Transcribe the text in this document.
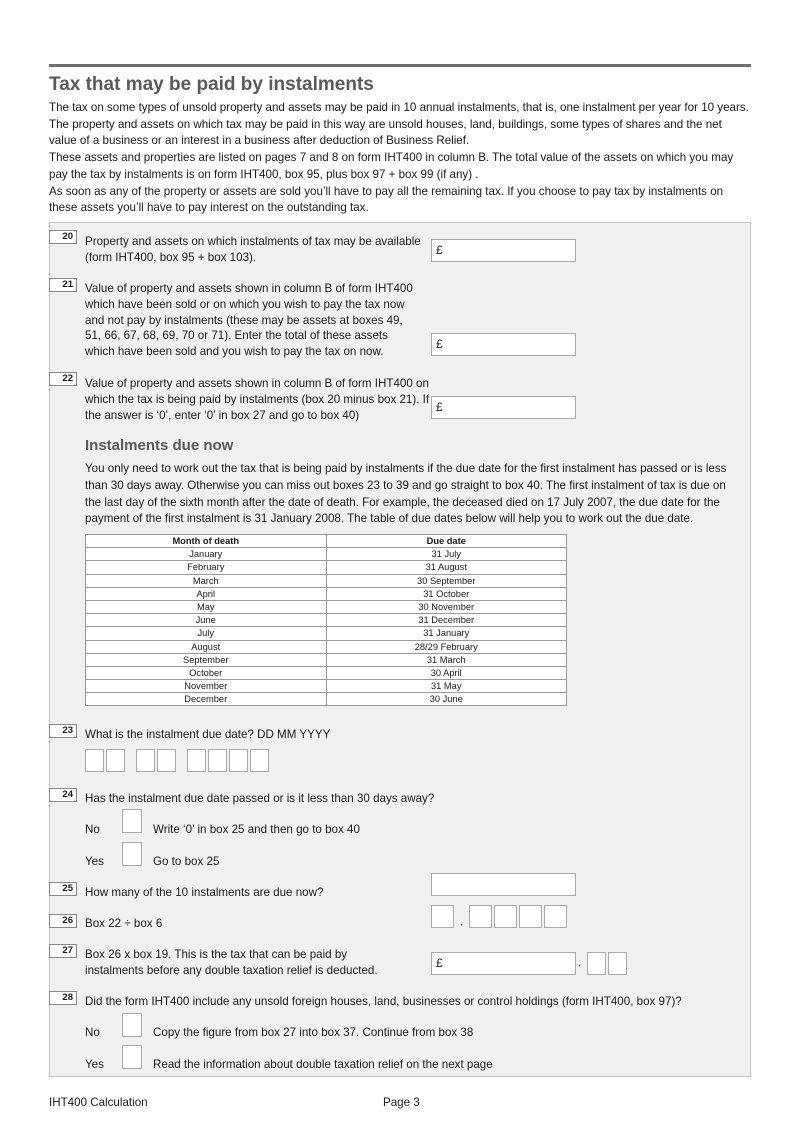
Tax that may be paid by instalments

The tax on some types of unsold property and assets may be paid in 10 annual instalments, that is, one instalment per year for 10 years. The property and assets on which tax may be paid in this way are unsold houses, land, buildings, some types of shares and the net value of a business or an interest in a business after deduction of Business Relief.

These assets and properties are listed on pages 7 and 8 on form IHT400 in column B. The total value of the assets on which you may pay the tax by instalments is on form IHT400, box 95, plus box 97 + box 99 (if any) .

As soon as any of the property or assets are sold you’ll have to pay all the remaining tax. If you choose to pay tax by instalments on these assets you’ll have to pay interest on the outstanding tax.

20	Property and assets on which instalments of tax may be available (form IHT400, box 95 + box 103).
£
21	Value of property and assets shown in column B of form IHT400 which have been sold or on which you wish to pay the tax now and not pay by instalments (these may be assets at boxes 49, 51, 66, 67, 68, 69, 70 or 71). Enter the total of these assets which have been sold and you wish to pay the tax on now.
£
22	Value of property and assets shown in column B of form IHT400 on which the tax is being paid by instalments (box 20 minus box 21). If the answer is ‘0’, enter ‘0’ in box 27 and go to box 40)
£
Instalments due now
You only need to work out the tax that is being paid by instalments if the due date for the first instalment has passed or is less than 30 days away. Otherwise you can miss out boxes 23 to 39 and go straight to box 40. The first instalment of tax is due on the last day of the sixth month after the date of death. For example, the deceased died on 17 July 2007, the due date for the payment of the first instalment is 31 January 2008. The table of due dates below will help you to work out the due date.
Month of death	Due date
January	31 July
February	31 August
March	30 September
April	31 October
May	30 November
June	31 December
July	31 January
August	28/29 February
September	31 March
October	30 April
November	31 May
December	30 June
23	What is the instalment due date? DD MM YYYY
24	Has the instalment due date passed or is it less than 30 days away?
No	Write ‘0’ in box 25 and then go to box 40
Yes	Go to box 25
25	How many of the 10 instalments are due now?
26	Box 22 ÷ box 6	.
27	Box 26 x box 19. This is the tax that can be paid by instalments before any double taxation relief is deducted.
£	.
28	Did the form IHT400 include any unsold foreign houses, land, businesses or control holdings (form IHT400, box 97)?
No	Copy the figure from box 27 into box 37. Continue from box 38
Yes	Read the information about double taxation relief on the next page
IHT400 Calculation	Page 3
